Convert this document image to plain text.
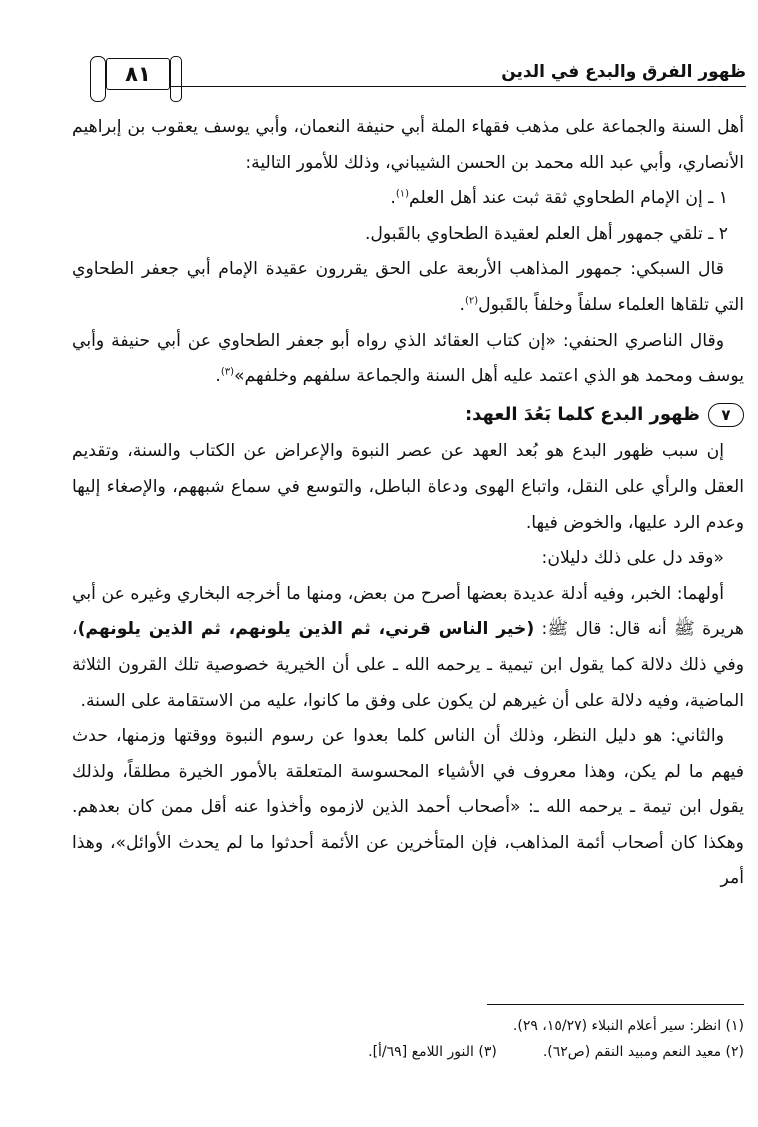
٨١	ظهور الفرق والبدع في الدين

أهل السنة والجماعة على مذهب فقهاء الملة أبي حنيفة النعمان، وأبي يوسف يعقوب بن إبراهيم الأنصاري، وأبي عبد الله محمد بن الحسن الشيباني، وذلك للأمور التالية:

١ ـ إن الإمام الطحاوي ثقة ثبت عند أهل العلم$^{(١)}$.

٢ ـ تلقي جمهور أهل العلم لعقيدة الطحاوي بالقَبول.

قال السبكي: جمهور المذاهب الأربعة على الحق يقررون عقيدة الإمام أبي جعفر الطحاوي التي تلقاها العلماء سلفاً وخلفاً بالقَبول$^{(٢)}$.

وقال الناصري الحنفي: «إن كتاب العقائد الذي رواه أبو جعفر الطحاوي عن أبي حنيفة وأبي يوسف ومحمد هو الذي اعتمد عليه أهل السنة والجماعة سلفهم وخلفهم»$^{(٣)}$.

٧
ظهور البدع كلما بَعُدَ العهد:

إن سبب ظهور البدع هو بُعد العهد عن عصر النبوة والإعراض عن الكتاب والسنة، وتقديم العقل والرأي على النقل، واتباع الهوى ودعاة الباطل، والتوسع في سماع شبههم، والإصغاء إليها وعدم الرد عليها، والخوض فيها.

«وقد دل على ذلك دليلان:

أولهما: الخبر، وفيه أدلة عديدة بعضها أصرح من بعض، ومنها ما أخرجه البخاري وغيره عن أبي هريرة ﷺ أنه قال: قال ﷺ: (خير الناس قرني، ثم الذين يلونهم، ثم الذين يلونهم)، وفي ذلك دلالة كما يقول ابن تيمية ـ يرحمه الله ـ على أن الخيرية خصوصية تلك القرون الثلاثة الماضية، وفيه دلالة على أن غيرهم لن يكون على وفق ما كانوا، عليه من الاستقامة على السنة.

والثاني: هو دليل النظر، وذلك أن الناس كلما بعدوا عن رسوم النبوة ووقتها وزمنها، حدث فيهم ما لم يكن، وهذا معروف في الأشياء المحسوسة المتعلقة بالأمور الخيرة مطلقاً، ولذلك يقول ابن تيمة ـ يرحمه الله ـ: «أصحاب أحمد الذين لازموه وأخذوا عنه أقل ممن كان بعدهم. وهكذا كان أصحاب أئمة المذاهب، فإن المتأخرين عن الأئمة أحدثوا ما لم يحدث الأوائل»، وهذا أمر

(١) انظر: سير أعلام النبلاء (١٥/٢٧، ٢٩).
(٢) معيد النعم ومبيد النقم (ص٦٢).
(٣) النور اللامع [٦٩/أ].
